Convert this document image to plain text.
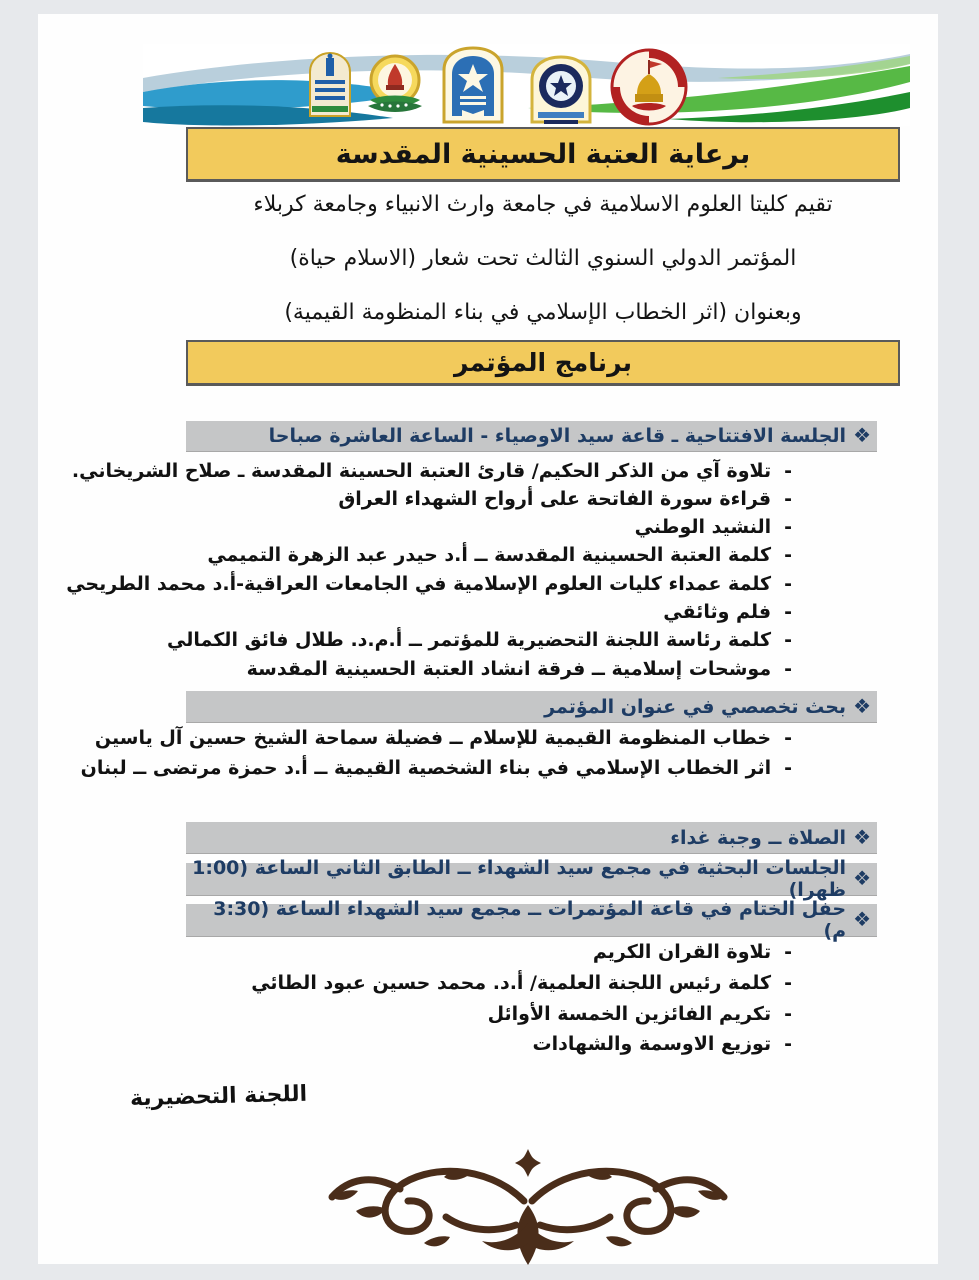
برعاية العتبة الحسينية المقدسة
تقيم كليتا العلوم الاسلامية في جامعة وارث الانبياء وجامعة كربلاء
المؤتمر الدولي السنوي الثالث تحت شعار (الاسلام حياة)
وبعنوان (اثر الخطاب الإسلامي في بناء المنظومة القيمية)
برنامج المؤتمر
❖
الجلسة الافتتاحية ـ قاعة سيد الاوصياء - الساعة العاشرة صباحا
-
تلاوة آي من الذكر الحكيم/ قارئ العتبة الحسينة المقدسة ـ صلاح الشريخاني.
-
قراءة سورة الفاتحة على أرواح الشهداء العراق
-
النشيد الوطني
-
كلمة العتبة الحسينية المقدسة ــ أ.د حيدر عبد الزهرة التميمي
-
كلمة عمداء كليات العلوم الإسلامية في الجامعات العراقية-أ.د محمد الطريحي
-
فلم وثائقي
-
كلمة رئاسة اللجنة التحضيرية للمؤتمر ــ أ.م.د. طلال فائق الكمالي
-
موشحات إسلامية ــ فرقة انشاد العتبة الحسينية المقدسة
❖
بحث تخصصي في عنوان المؤتمر
-
خطاب المنظومة القيمية للإسلام ــ فضيلة سماحة الشيخ حسين آل ياسين
-
اثر الخطاب الإسلامي في بناء الشخصية القيمية ــ أ.د حمزة مرتضى ــ لبنان
❖
الصلاة ــ وجبة غداء
❖
الجلسات البحثية في مجمع سيد الشهداء ــ الطابق الثاني الساعة (1:00 ظهرا)
❖
حفل الختام في قاعة المؤتمرات ــ مجمع سيد الشهداء الساعة (3:30 م)
-
تلاوة القران الكريم
-
كلمة رئيس اللجنة العلمية/ أ.د. محمد حسين عبود الطائي
-
تكريم الفائزين الخمسة الأوائل
-
توزيع الاوسمة والشهادات
اللجنة التحضيرية
